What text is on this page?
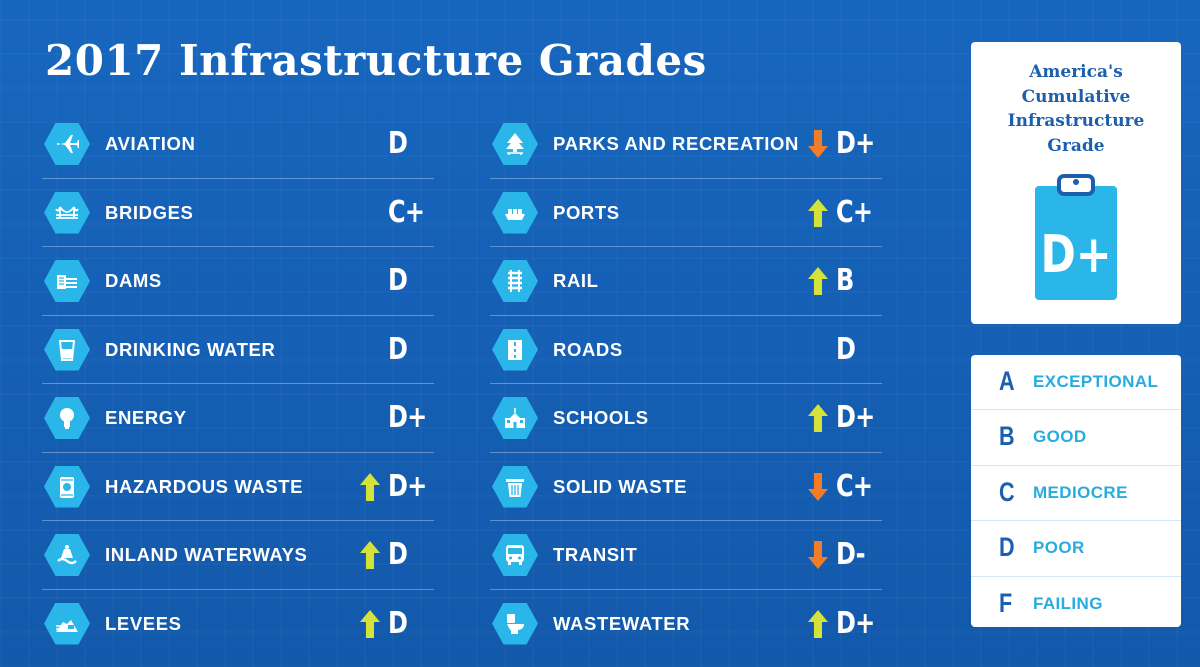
2017 Infrastructure Grades
AVIATION	D
BRIDGES	C+
DAMS	D
DRINKING WATER	D
ENERGY	D+
HAZARDOUS WASTE	D+
INLAND WATERWAYS	D
LEVEES	D
PARKS AND RECREATION D+
PORTS	C+
RAIL	B
ROADS	D
SCHOOLS	D+
SOLID WASTE	C+
TRANSIT	D-
WASTEWATER	D+
America's
Cumulative
Infrastructure
Grade
D+
A EXCEPTIONAL
B GOOD
C MEDIOCRE
D POOR
F FAILING
